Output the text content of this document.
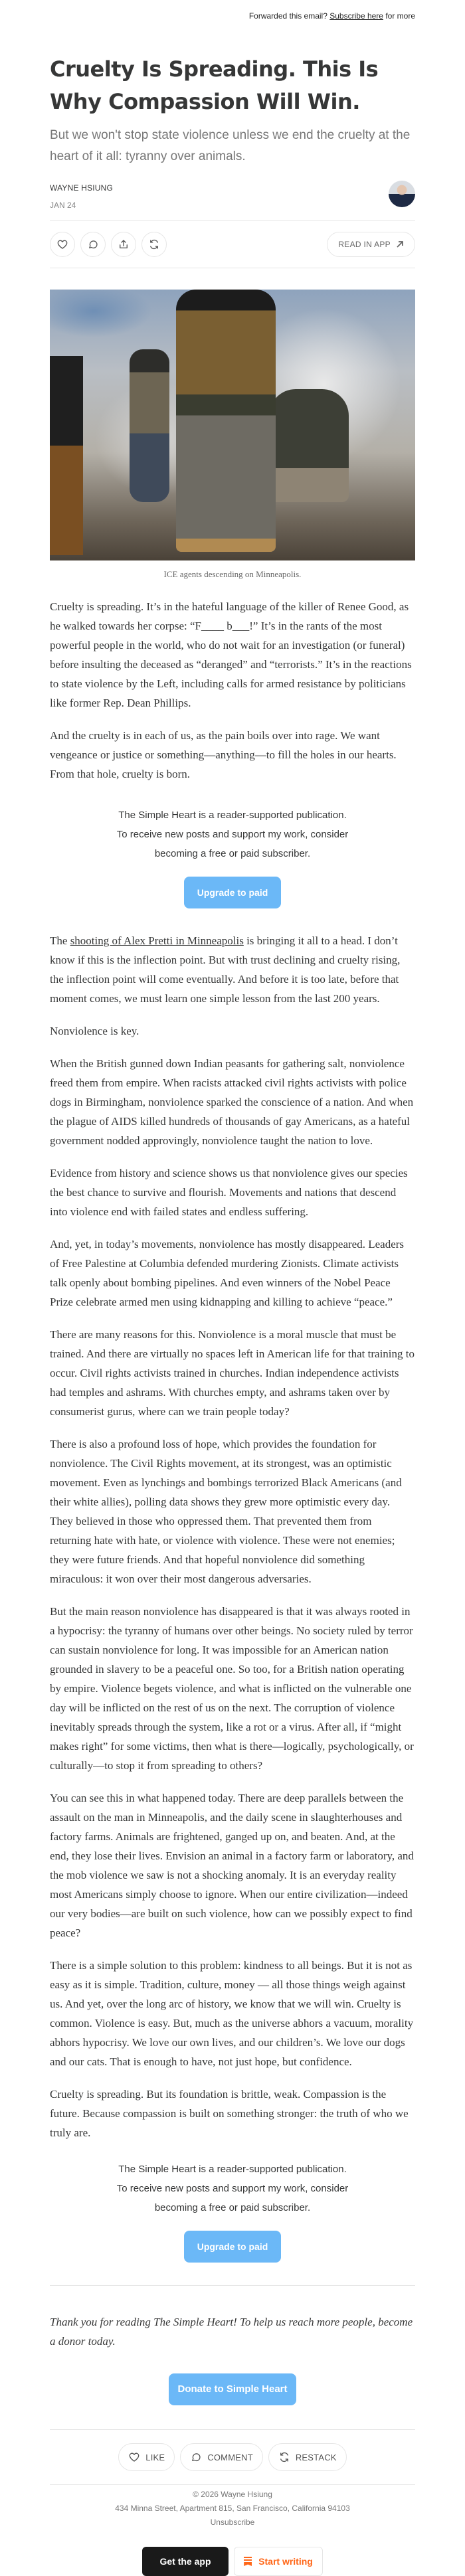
Forwarded this email? Subscribe here for more
Cruelty Is Spreading. This Is Why Compassion Will Win.
But we won't stop state violence unless we end the cruelty at the heart of it all: tyranny over animals.
WAYNE HSIUNG
JAN 24
READ IN APP
ICE agents descending on Minneapolis.

Cruelty is spreading. It’s in the hateful language of the killer of Renee Good, as he walked towards her corpse: “F____ b___!” It’s in the rants of the most powerful people in the world, who do not wait for an investigation (or funeral) before insulting the deceased as “deranged” and “terrorists.” It’s in the reactions to state violence by the Left, including calls for armed resistance by politicians like former Rep. Dean Phillips.

And the cruelty is in each of us, as the pain boils over into rage. We want vengeance or justice or something—anything—to fill the holes in our hearts. From that hole, cruelty is born.

The Simple Heart is a reader-supported publication. To receive new posts and support my work, consider becoming a free or paid subscriber.
Upgrade to paid

The shooting of Alex Pretti in Minneapolis is bringing it all to a head. I don’t know if this is the inflection point. But with trust declining and cruelty rising, the inflection point will come eventually. And before it is too late, before that moment comes, we must learn one simple lesson from the last 200 years.

Nonviolence is key.

When the British gunned down Indian peasants for gathering salt, nonviolence freed them from empire. When racists attacked civil rights activists with police dogs in Birmingham, nonviolence sparked the conscience of a nation. And when the plague of AIDS killed hundreds of thousands of gay Americans, as a hateful government nodded approvingly, nonviolence taught the nation to love.

Evidence from history and science shows us that nonviolence gives our species the best chance to survive and flourish. Movements and nations that descend into violence end with failed states and endless suffering.

And, yet, in today’s movements, nonviolence has mostly disappeared. Leaders of Free Palestine at Columbia defended murdering Zionists. Climate activists talk openly about bombing pipelines. And even winners of the Nobel Peace Prize celebrate armed men using kidnapping and killing to achieve “peace.”

There are many reasons for this. Nonviolence is a moral muscle that must be trained. And there are virtually no spaces left in American life for that training to occur. Civil rights activists trained in churches. Indian independence activists had temples and ashrams. With churches empty, and ashrams taken over by consumerist gurus, where can we train people today?

There is also a profound loss of hope, which provides the foundation for nonviolence. The Civil Rights movement, at its strongest, was an optimistic movement. Even as lynchings and bombings terrorized Black Americans (and their white allies), polling data shows they grew more optimistic every day. They believed in those who oppressed them. That prevented them from returning hate with hate, or violence with violence. These were not enemies; they were future friends. And that hopeful nonviolence did something miraculous: it won over their most dangerous adversaries.

But the main reason nonviolence has disappeared is that it was always rooted in a hypocrisy: the tyranny of humans over other beings. No society ruled by terror can sustain nonviolence for long. It was impossible for an American nation grounded in slavery to be a peaceful one. So too, for a British nation operating by empire. Violence begets violence, and what is inflicted on the vulnerable one day will be inflicted on the rest of us on the next. The corruption of violence inevitably spreads through the system, like a rot or a virus. After all, if “might makes right” for some victims, then what is there—logically, psychologically, or culturally—to stop it from spreading to others?

You can see this in what happened today. There are deep parallels between the assault on the man in Minneapolis, and the daily scene in slaughterhouses and factory farms. Animals are frightened, ganged up on, and beaten. And, at the end, they lose their lives. Envision an animal in a factory farm or laboratory, and the mob violence we saw is not a shocking anomaly. It is an everyday reality most Americans simply choose to ignore. When our entire civilization—indeed our very bodies—are built on such violence, how can we possibly expect to find peace?

There is a simple solution to this problem: kindness to all beings. But it is not as easy as it is simple. Tradition, culture, money — all those things weigh against us. And yet, over the long arc of history, we know that we will win. Cruelty is common. Violence is easy. But, much as the universe abhors a vacuum, morality abhors hypocrisy. We love our own lives, and our children’s. We love our dogs and our cats. That is enough to have, not just hope, but confidence.

Cruelty is spreading. But its foundation is brittle, weak. Compassion is the future. Because compassion is built on something stronger: the truth of who we truly are.

The Simple Heart is a reader-supported publication. To receive new posts and support my work, consider becoming a free or paid subscriber.
Upgrade to paid
Thank you for reading The Simple Heart! To help us reach more people, become a donor today.
Donate to Simple Heart
LIKE	COMMENT	RESTACK
© 2026 Wayne Hsiung
434 Minna Street, Apartment 815, San Francisco, California 94103
Unsubscribe
Get the app	Start writing
